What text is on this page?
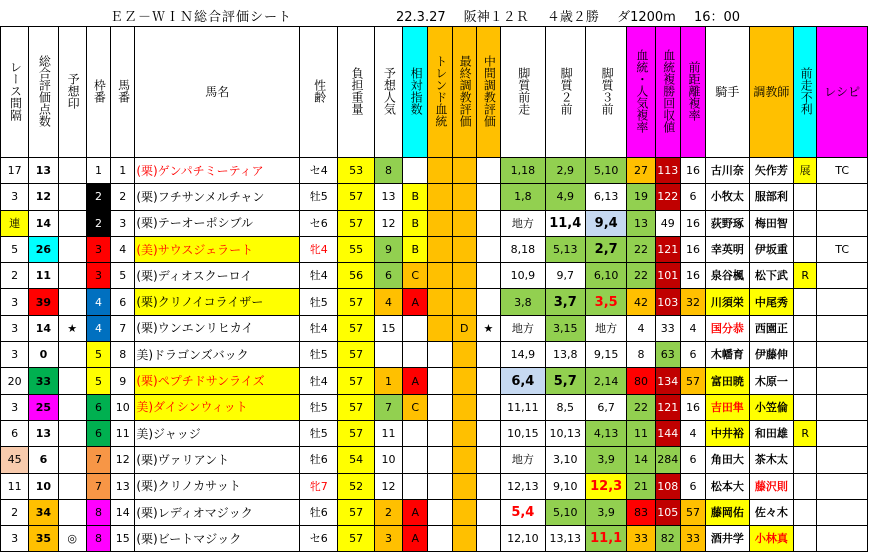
ＥＺ－ＷＩＮ総合評価シート	22.3.27 阪神１２Ｒ ４歳２勝 ダ1200m 16：00
レース間隔	総合評価点数	予想印	枠番	馬番	馬名	性齢	負担重量	予想人気	相対指数	トレンド血統	最終調教評価	中間調教評価	脚質前走	脚質２前	脚質３前	血統・人気複率	血統複勝回収値	前距離複率	騎手	調教師	前走不利	レシピ
17	13		1	1	(栗)ゲンパチミーティア	セ4	53	8					1,18	2,9	5,10	27	113	16	古川奈	矢作芳	展	TC
3	12		2	2	(栗)フチサンメルチャン	牡5	57	13	B				1,8	4,9	6,13	19	122	6	小牧太	服部利		
連	14		2	3	(栗)テーオーポシブル	セ6	57	12	B				地方	11,4	9,4	13	49	16	荻野琢	梅田智		
5	26		3	4	(美)サウスジェラート	牝4	55	9	B				8,18	5,13	2,7	22	121	16	幸英明	伊坂重		TC
2	11		3	5	(栗)ディオスクーロイ	牡4	56	6	C				10,9	9,7	6,10	22	101	16	泉谷楓	松下武	R	
3	39		4	6	(栗)クリノイコライザー	牡5	57	4	A				3,8	3,7	3,5	42	103	32	川須栄	中尾秀		
3	14	★	4	7	(栗)ウンエンリヒカイ	牡4	57	15			D	★	地方	3,15	地方	4	33	4	国分恭	西園正		
3	0		5	8	美)ドラゴンズバック	牡5	57						14,9	13,8	9,15	8	63	6	木幡育	伊藤伸		
20	33		5	9	(栗)ペプチドサンライズ	牡4	57	1	A				6,4	5,7	2,14	80	134	57	富田暁	木原一		
3	25		6	10	美)ダイシンウィット	牡5	57	7	C				11,11	8,5	6,7	22	121	16	吉田隼	小笠倫		
6	13		6	11	美)ジャッジ	牡5	57	11					10,15	10,13	4,13	11	144	4	中井裕	和田雄	R	
45	6		7	12	(栗)ヴァリアント	牡6	54	10					地方	3,10	3,9	14	284	6	角田大	茶木太		
11	10		7	13	(栗)クリノカサット	牝7	52	12					12,13	9,10	12,3	21	108	6	松本大	藤沢則		
2	34		8	14	(栗)レディオマジック	牡6	57	2	A				5,4	5,10	3,9	83	105	57	藤岡佑	佐々木		
3	35	◎	8	15	(栗)ビートマジック	セ6	57	3	A				12,10	13,13	11,1	33	82	33	酒井学	小林真		
